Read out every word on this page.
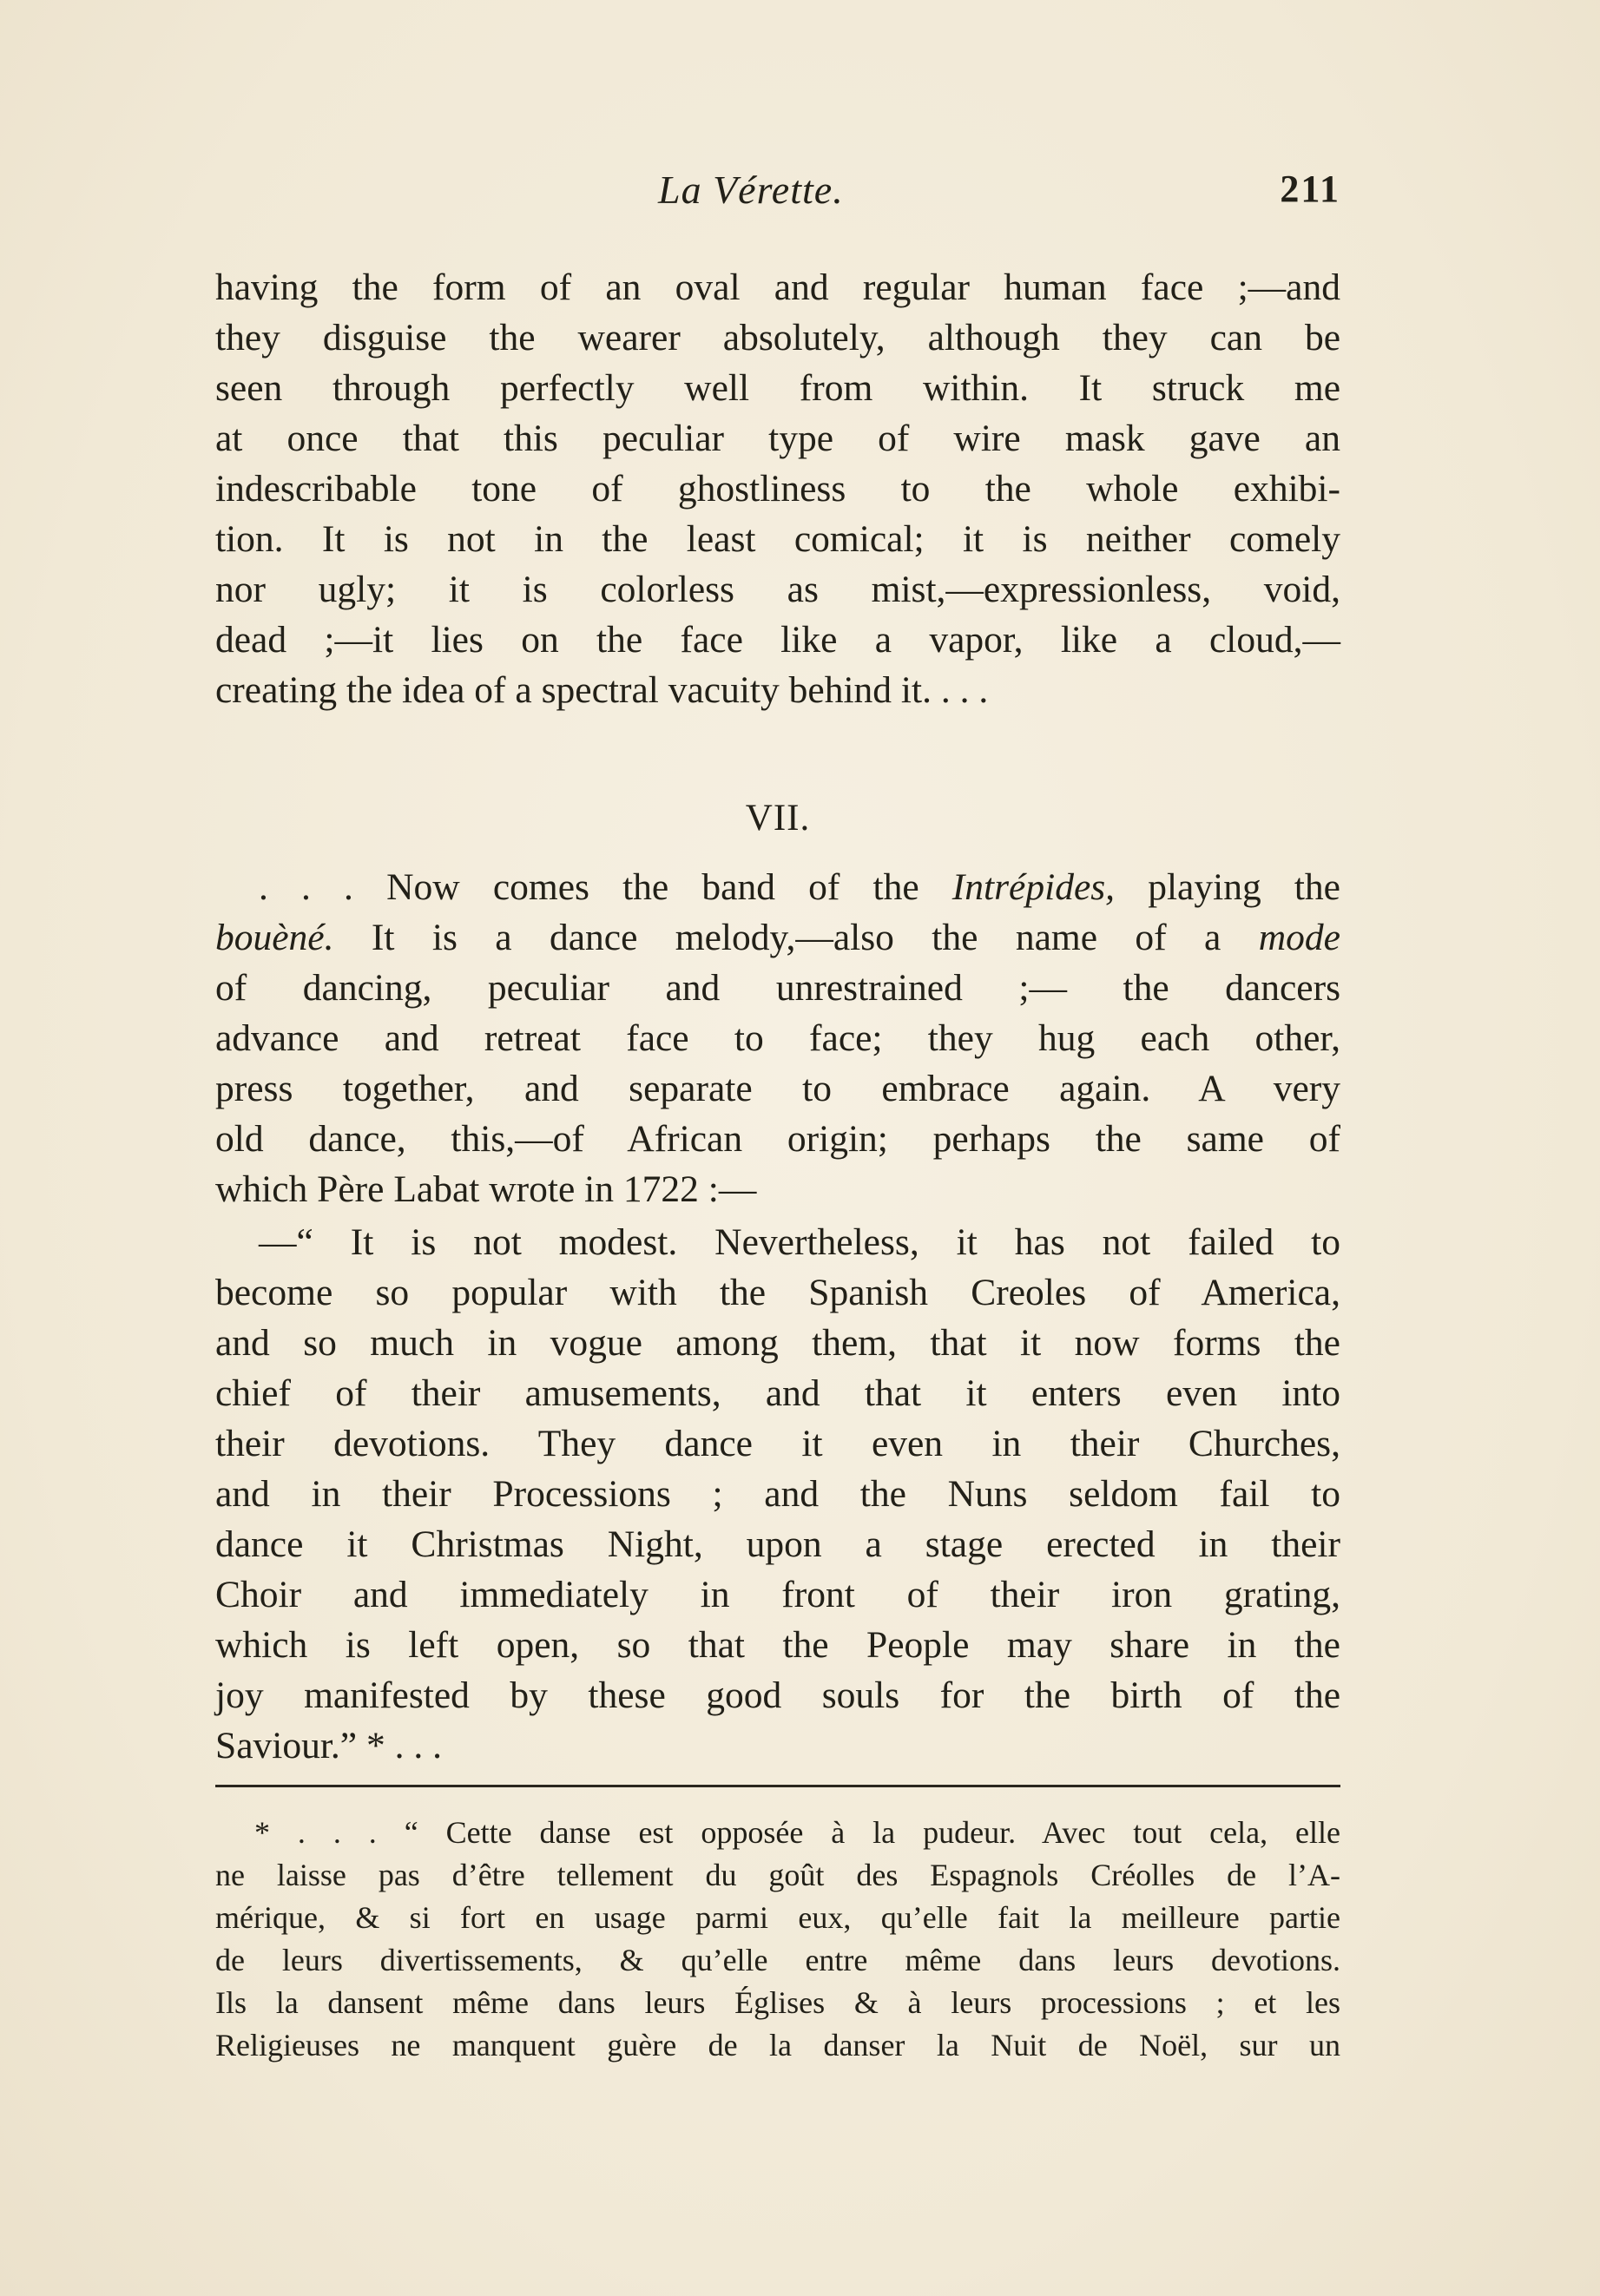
La Vérette.	211
having the form of an oval and regular human face ;—and
they disguise the wearer absolutely, although they can be
seen through perfectly well from within. It struck me
at once that this peculiar type of wire mask gave an
indescribable tone of ghostliness to the whole exhibi-
tion. It is not in the least comical; it is neither comely
nor ugly; it is colorless as mist,—expressionless, void,
dead ;—it lies on the face like a vapor, like a cloud,—
creating the idea of a spectral vacuity behind it. . . .
VII.
. . . Now comes the band of the Intrépides, playing the
bouèné. It is a dance melody,—also the name of a mode
of dancing, peculiar and unrestrained ;— the dancers
advance and retreat face to face; they hug each other,
press together, and separate to embrace again. A very
old dance, this,—of African origin; perhaps the same of
which Père Labat wrote in 1722 :—
—“ It is not modest. Nevertheless, it has not failed to
become so popular with the Spanish Creoles of America,
and so much in vogue among them, that it now forms the
chief of their amusements, and that it enters even into
their devotions. They dance it even in their Churches,
and in their Processions ; and the Nuns seldom fail to
dance it Christmas Night, upon a stage erected in their
Choir and immediately in front of their iron grating,
which is left open, so that the People may share in the
joy manifested by these good souls for the birth of the
Saviour.” * . . .
* . . . “ Cette danse est opposée à la pudeur. Avec tout cela, elle
ne laisse pas d’être tellement du goût des Espagnols Créolles de l’A-
mérique, & si fort en usage parmi eux, qu’elle fait la meilleure partie
de leurs divertissements, & qu’elle entre même dans leurs devotions.
Ils la dansent même dans leurs Églises & à leurs processions ; et les
Religieuses ne manquent guère de la danser la Nuit de Noël, sur un
